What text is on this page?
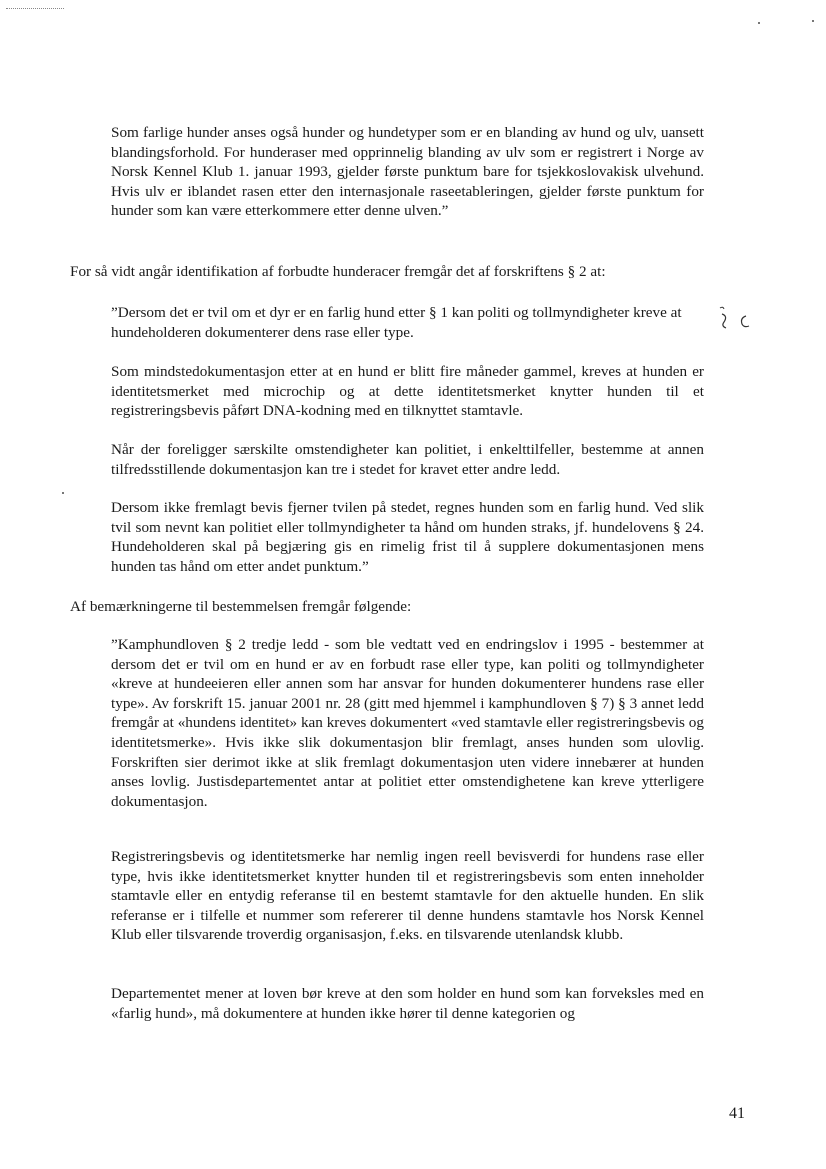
Som farlige hunder anses også hunder og hundetyper som er en blanding av hund og ulv, uansett blandingsforhold. For hunderaser med opprinnelig blanding av ulv som er registrert i Norge av Norsk Kennel Klub 1. januar 1993, gjelder første punktum bare for tsjekkoslovakisk ulvehund. Hvis ulv er iblandet rasen etter den internasjonale raseetableringen, gjelder første punktum for hunder som kan være etterkommere etter denne ulven.”

For så vidt angår identifikation af forbudte hunderacer fremgår det af forskriftens § 2 at:

”Dersom det er tvil om et dyr er en farlig hund etter § 1 kan politi og tollmyndigheter kreve at hundeholderen dokumenterer dens rase eller type.

Som mindstedokumentasjon etter at en hund er blitt fire måneder gammel, kreves at hunden er identitetsmerket med microchip og at dette identitetsmerket knytter hunden til et registreringsbevis påført DNA-kodning med en tilknyttet stamtavle.

Når der foreligger særskilte omstendigheter kan politiet, i enkelttilfeller, bestemme at annen tilfredsstillende dokumentasjon kan tre i stedet for kravet etter andre ledd.

Dersom ikke fremlagt bevis fjerner tvilen på stedet, regnes hunden som en farlig hund. Ved slik tvil som nevnt kan politiet eller tollmyndigheter ta hånd om hunden straks, jf. hundelovens § 24. Hundeholderen skal på begjæring gis en rimelig frist til å supplere dokumentasjonen mens hunden tas hånd om etter andet punktum.”

Af bemærkningerne til bestemmelsen fremgår følgende:

”Kamphundloven § 2 tredje ledd - som ble vedtatt ved en endringslov i 1995 - bestemmer at dersom det er tvil om en hund er av en forbudt rase eller type, kan politi og tollmyndigheter «kreve at hundeeieren eller annen som har ansvar for hunden dokumenterer hundens rase eller type». Av forskrift 15. januar 2001 nr. 28 (gitt med hjemmel i kamphundloven § 7) § 3 annet ledd fremgår at «hundens identitet» kan kreves dokumentert «ved stamtavle eller registreringsbevis og identitetsmerke». Hvis ikke slik dokumentasjon blir fremlagt, anses hunden som ulovlig. Forskriften sier derimot ikke at slik fremlagt dokumentasjon uten videre innebærer at hunden anses lovlig. Justisdepartementet antar at politiet etter omstendighetene kan kreve ytterligere dokumentasjon.

Registreringsbevis og identitetsmerke har nemlig ingen reell bevisverdi for hundens rase eller type, hvis ikke identitetsmerket knytter hunden til et registreringsbevis som enten inneholder stamtavle eller en entydig referanse til en bestemt stamtavle for den aktuelle hunden. En slik referanse er i tilfelle et nummer som refererer til denne hundens stamtavle hos Norsk Kennel Klub eller tilsvarende troverdig organisasjon, f.eks. en tilsvarende utenlandsk klubb.

Departementet mener at loven bør kreve at den som holder en hund som kan forveksles med en «farlig hund», må dokumentere at hunden ikke hører til denne kategorien og

41
